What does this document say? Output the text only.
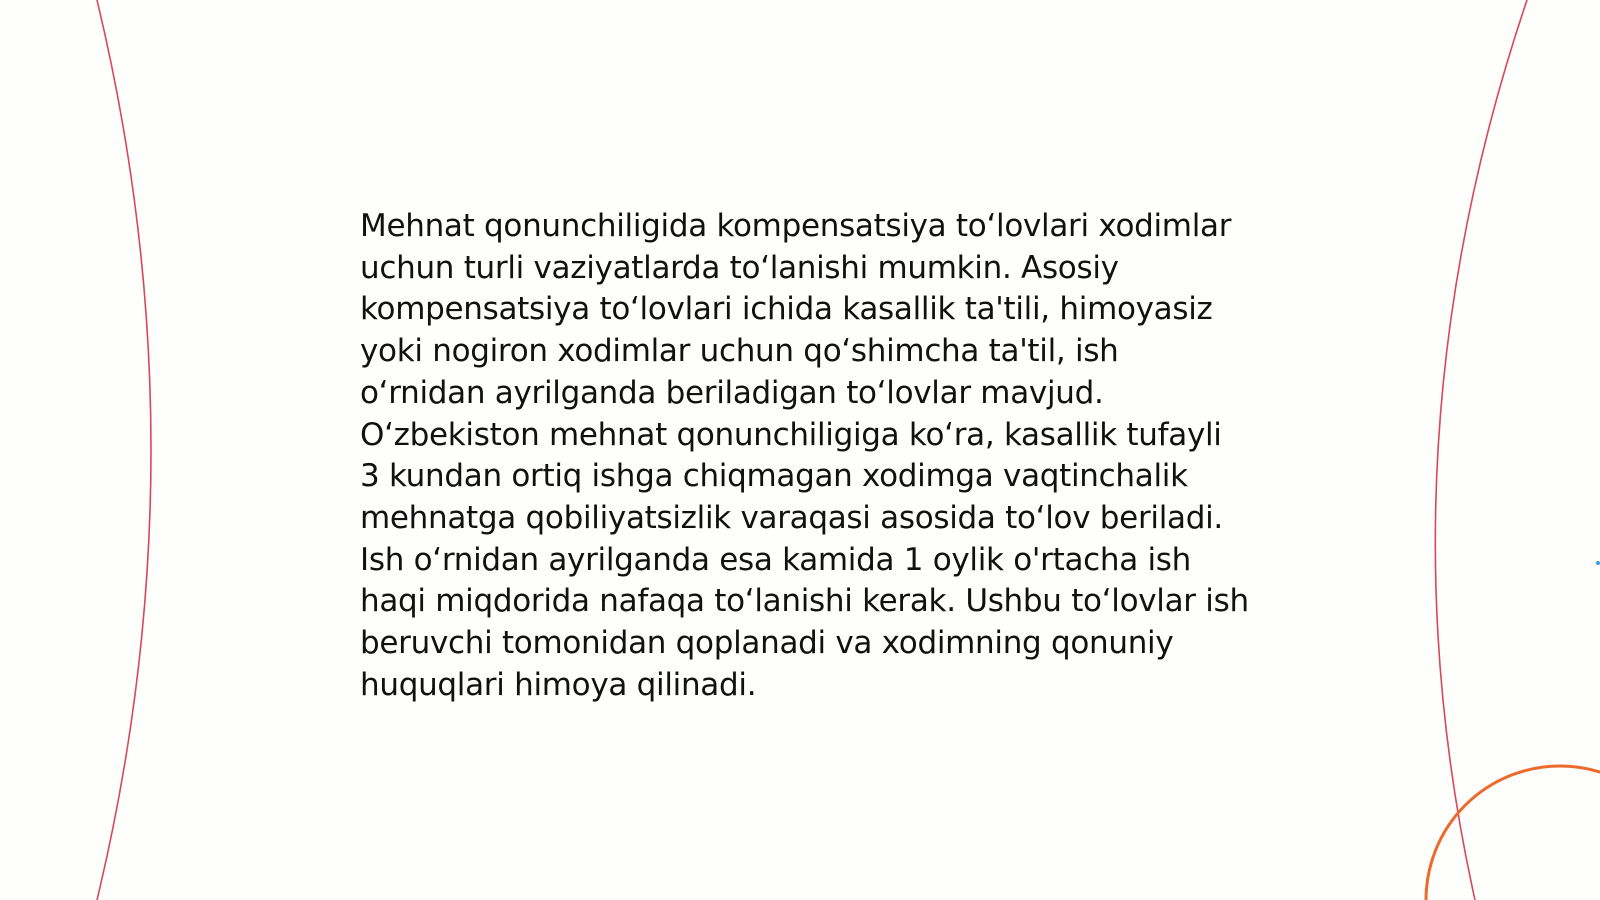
Mehnat qonunchiligida kompensatsiya to‘lovlari xodimlar uchun turli vaziyatlarda to‘lanishi mumkin. Asosiy kompensatsiya to‘lovlari ichida kasallik ta'tili, himoyasiz yoki nogiron xodimlar uchun qo‘shimcha ta'til, ish o‘rnidan ayrilganda beriladigan to‘lovlar mavjud. O‘zbekiston mehnat qonunchiligiga ko‘ra, kasallik tufayli 3 kundan ortiq ishga chiqmagan xodimga vaqtinchalik mehnatga qobiliyatsizlik varaqasi asosida to‘lov beriladi. Ish o‘rnidan ayrilganda esa kamida 1 oylik o'rtacha ish haqi miqdorida nafaqa to‘lanishi kerak. Ushbu to‘lovlar ish beruvchi tomonidan qoplanadi va xodimning qonuniy huquqlari himoya qilinadi.
